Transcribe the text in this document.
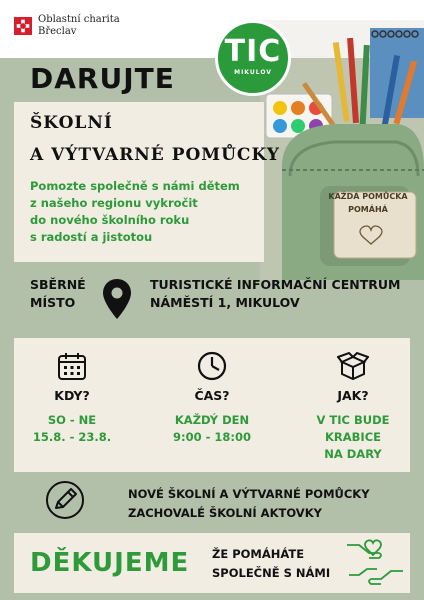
Oblastní charita
Břeclav
KAŽDÁ POMŮCKA
POMÁHÁ
TIC
MIKULOV
DARUJTE
ŠKOLNÍ
A VÝTVARNÉ POMŮCKY
Pomozte společně s námi dětem
z našeho regionu vykročit
do nového školního roku
s radostí a jistotou
SBĚRNÉ
MÍSTO
TURISTICKÉ INFORMAČNÍ CENTRUM
NÁMĚSTÍ 1, MIKULOV
KDY?
SO - NE
15.8. - 23.8.
ČAS?
KAŽDÝ DEN
9:00 - 18:00
JAK?
V TIC BUDE
KRABICE
NA DARY
NOVÉ ŠKOLNÍ A VÝTVARNÉ POMŮCKY
ZACHOVALÉ ŠKOLNÍ AKTOVKY
DĚKUJEME ŽE POMÁHÁTE
SPOLEČNĚ S NÁMI
